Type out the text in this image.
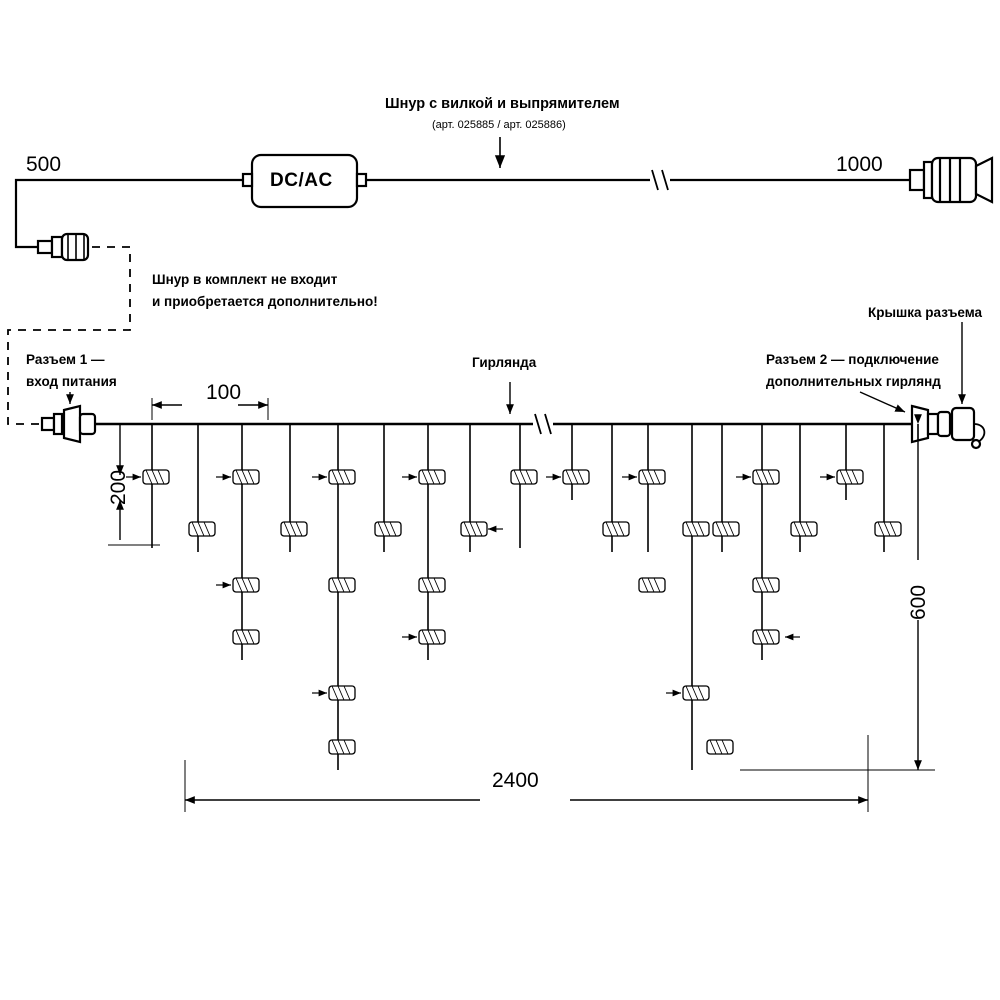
Шнур с вилкой и выпрямителем
(арт. 025885 / арт. 025886)
DC/AC
500	1000
Шнур в комплект не входит
и приобретается дополнительно!
Разъем 1 —
вход питания
Гирлянда	Разъем 2 — подключение
дополнительных гирлянд
Крышка разъема
100
200
600
2400
